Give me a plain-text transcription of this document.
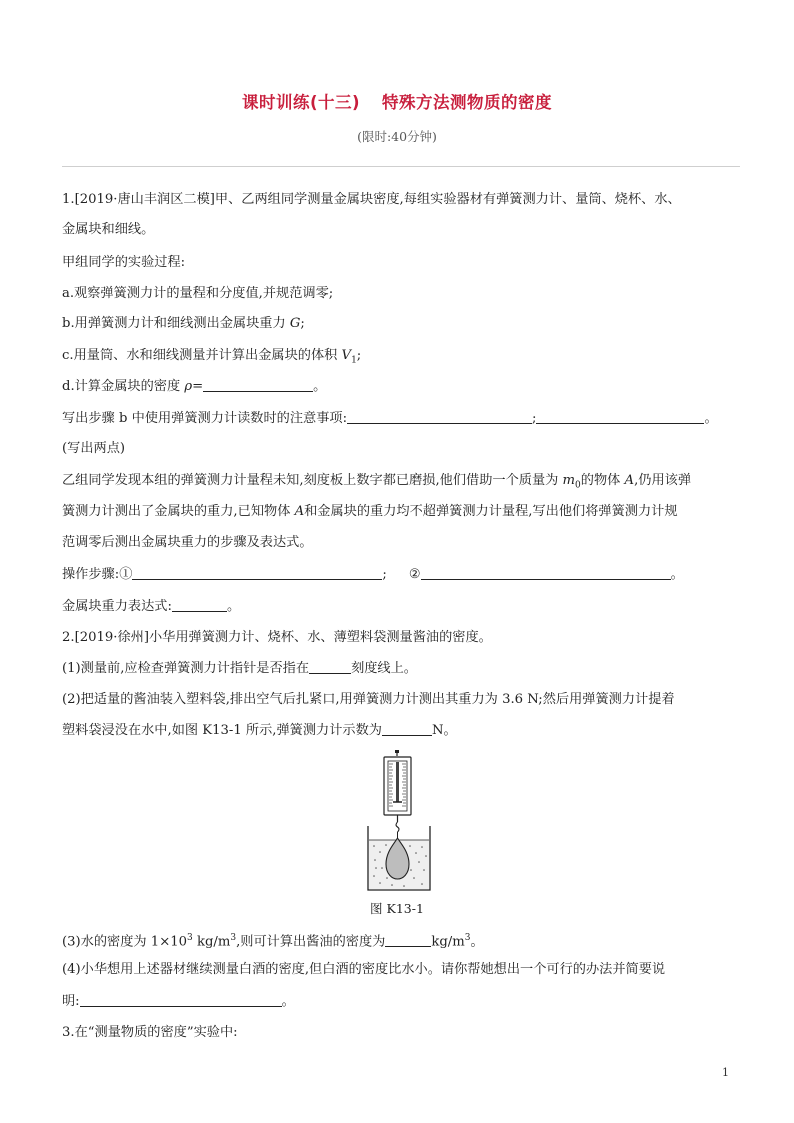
课时训练(十三) 特殊方法测物质的密度
(限时:40分钟)
1.[2019·唐山丰润区二模]甲、乙两组同学测量金属块密度,每组实验器材有弹簧测力计、量筒、烧杯、水、
金属块和细线。
甲组同学的实验过程:
a.观察弹簧测力计的量程和分度值,并规范调零;
b.用弹簧测力计和细线测出金属块重力 G;
c.用量筒、水和细线测量并计算出金属块的体积 $V_1$;
d.计算金属块的密度 ρ=	。
写出步骤 b 中使用弹簧测力计读数时的注意事项:	;	。
(写出两点)
乙组同学发现本组的弹簧测力计量程未知,刻度板上数字都已磨损,他们借助一个质量为 $m_0$的物体 A,仍用该弹
簧测力计测出了金属块的重力,已知物体 A和金属块的重力均不超弹簧测力计量程,写出他们将弹簧测力计规
范调零后测出金属块重力的步骤及表达式。
操作步骤:①	; ②	。
金属块重力表达式:	。
2.[2019·徐州]小华用弹簧测力计、烧杯、水、薄塑料袋测量酱油的密度。
(1)测量前,应检查弹簧测力计指针是否指在	刻度线上。
(2)把适量的酱油装入塑料袋,排出空气后扎紧口,用弹簧测力计测出其重力为 3.6 N;然后用弹簧测力计提着
塑料袋浸没在水中,如图 K13-1 所示,弹簧测力计示数为	N。
图 K13-1
(3)水的密度为 $1\times 10^3$ $kg/m^3$,则可计算出酱油的密度为	$kg/m^3$。
(4)小华想用上述器材继续测量白酒的密度,但白酒的密度比水小。请你帮她想出一个可行的办法并简要说
明:	。
3.在“测量物质的密度”实验中:
1
